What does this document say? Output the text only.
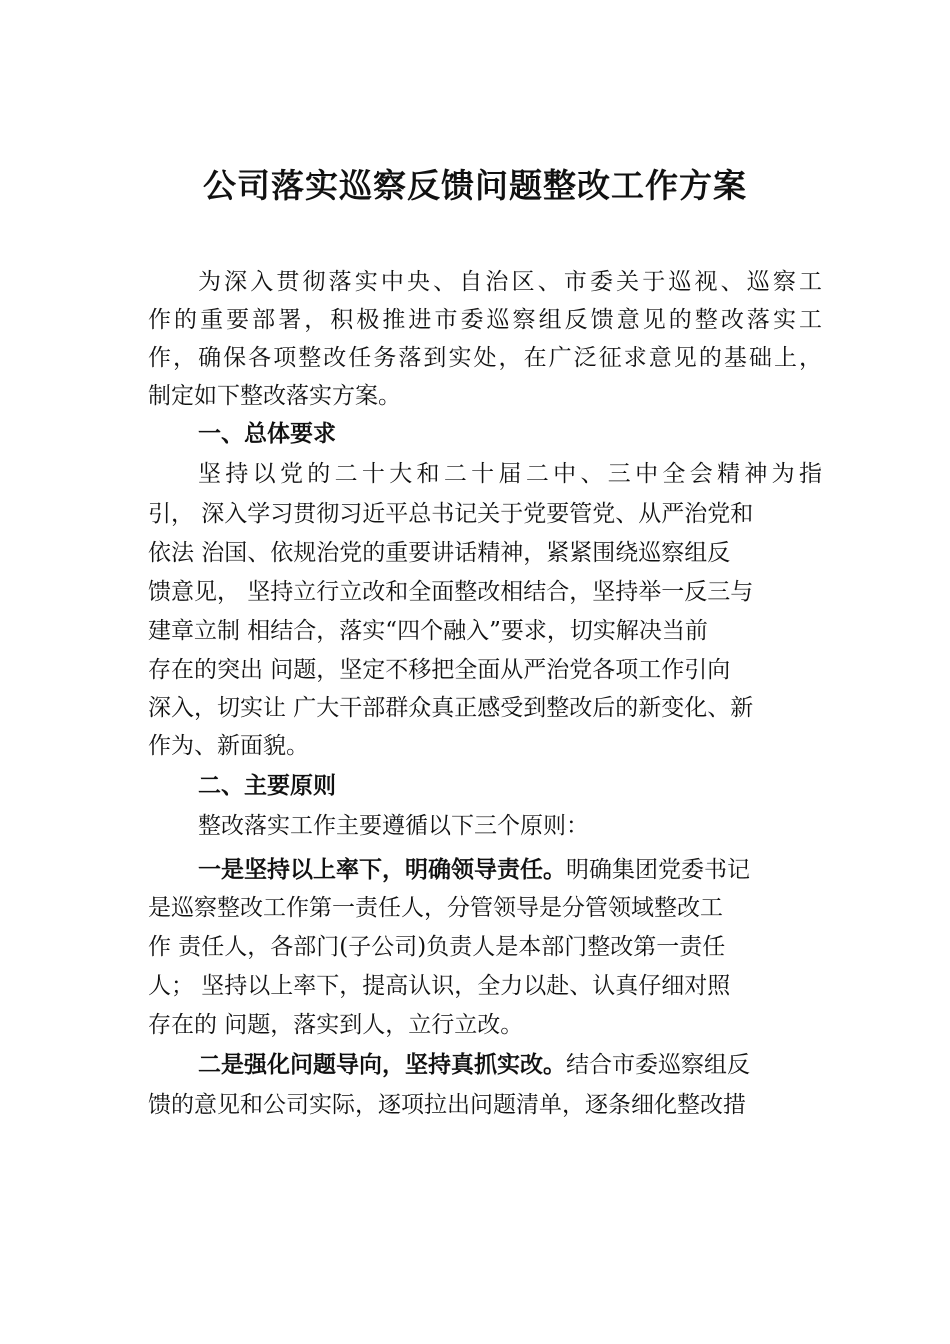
公司落实巡察反馈问题整改工作方案
为深入贯彻落实中央、自治区、市委关于巡视、巡察工
作的重要部署，积极推进市委巡察组反馈意见的整改落实工
作，确保各项整改任务落到实处，在广泛征求意见的基础上，
制定如下整改落实方案。
一、总体要求
坚持以党的二十大和二十届二中、三中全会精神为指
引， 深入学习贯彻习近平总书记关于党要管党、从严治党和
依法 治国、依规治党的重要讲话精神，紧紧围绕巡察组反
馈意见， 坚持立行立改和全面整改相结合，坚持举一反三与
建章立制 相结合，落实“四个融入”要求，切实解决当前
存在的突出 问题，坚定不移把全面从严治党各项工作引向
深入，切实让 广大干部群众真正感受到整改后的新变化、新
作为、新面貌。
二、主要原则
整改落实工作主要遵循以下三个原则：
一是坚持以上率下，明确领导责任。明确集团党委书记
是巡察整改工作第一责任人，分管领导是分管领域整改工
作 责任人，各部门(子公司)负责人是本部门整改第一责任
人； 坚持以上率下，提高认识，全力以赴、认真仔细对照
存在的 问题，落实到人，立行立改。
二是强化问题导向，坚持真抓实改。结合市委巡察组反
馈的意见和公司实际，逐项拉出问题清单，逐条细化整改措
